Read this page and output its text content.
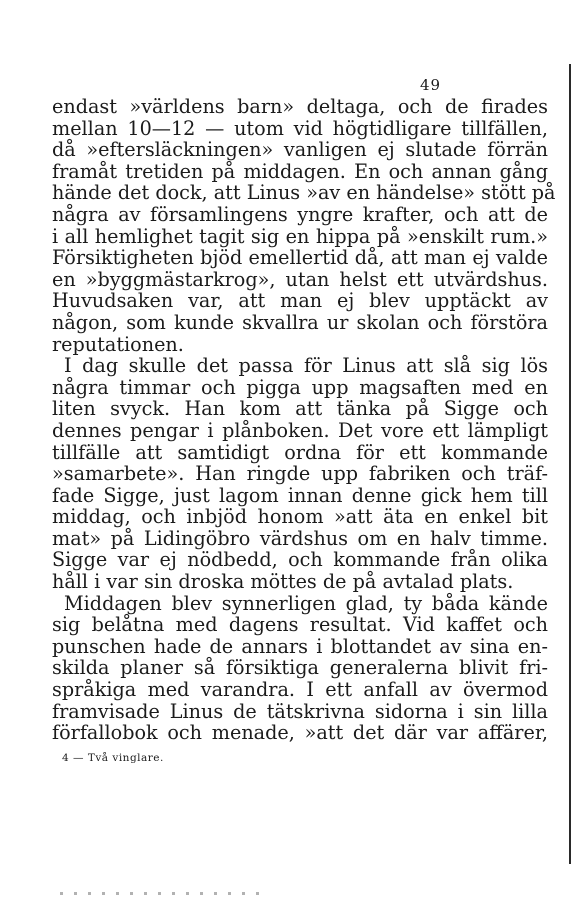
49
endast »världens barn» deltaga, och de firades
mellan 10—12 — utom vid högtidligare tillfällen,
då »eftersläckningen» vanligen ej slutade förrän
framåt tretiden på middagen. En och annan gång
hände det dock, att Linus »av en händelse» stött på
några av församlingens yngre krafter, och att de
i all hemlighet tagit sig en hippa på »enskilt rum.»
Försiktigheten bjöd emellertid då, att man ej valde
en »byggmästarkrog», utan helst ett utvärdshus.
Huvudsaken var, att man ej blev upptäckt av
någon, som kunde skvallra ur skolan och förstöra
reputationen.
I dag skulle det passa för Linus att slå sig lös
några timmar och pigga upp magsaften med en
liten svyck. Han kom att tänka på Sigge och
dennes pengar i plånboken. Det vore ett lämpligt
tillfälle att samtidigt ordna för ett kommande
»samarbete». Han ringde upp fabriken och träf-
fade Sigge, just lagom innan denne gick hem till
middag, och inbjöd honom »att äta en enkel bit
mat» på Lidingöbro värdshus om en halv timme.
Sigge var ej nödbedd, och kommande från olika
håll i var sin droska möttes de på avtalad plats.
Middagen blev synnerligen glad, ty båda kände
sig belåtna med dagens resultat. Vid kaffet och
punschen hade de annars i blottandet av sina en-
skilda planer så försiktiga generalerna blivit fri-
språkiga med varandra. I ett anfall av övermod
framvisade Linus de tätskrivna sidorna i sin lilla
förfallobok och menade, »att det där var affärer,
4 — Två vinglare.
